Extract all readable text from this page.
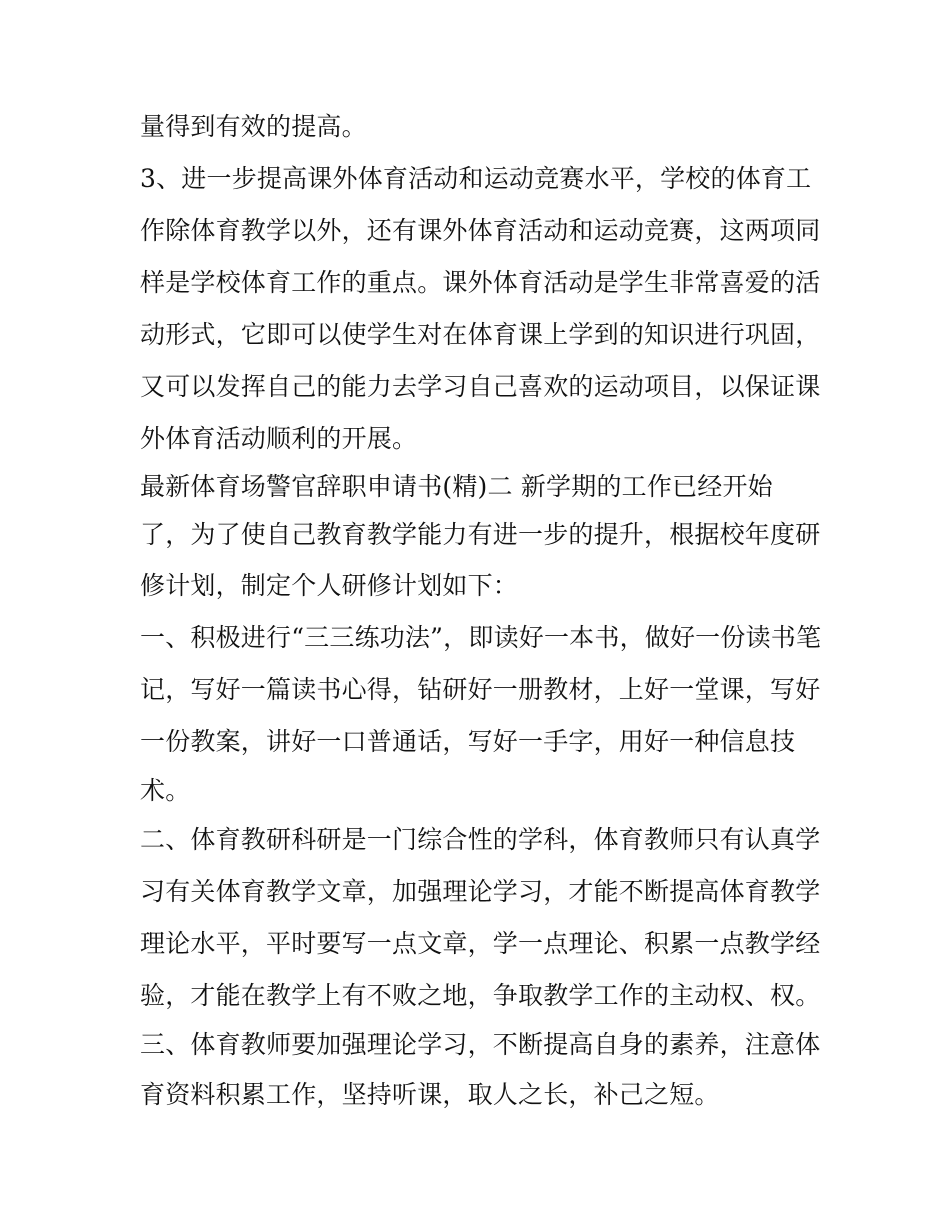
量得到有效的提高。
3、进一步提高课外体育活动和运动竞赛水平，学校的体育工
作除体育教学以外，还有课外体育活动和运动竞赛，这两项同
样是学校体育工作的重点。课外体育活动是学生非常喜爱的活
动形式，它即可以使学生对在体育课上学到的知识进行巩固，
又可以发挥自己的能力去学习自己喜欢的运动项目，以保证课
外体育活动顺利的开展。
最新体育场警官辞职申请书(精)二 新学期的工作已经开始
了，为了使自己教育教学能力有进一步的提升，根据校年度研
修计划，制定个人研修计划如下：
一、积极进行“三三练功法”，即读好一本书，做好一份读书笔
记，写好一篇读书心得，钻研好一册教材，上好一堂课，写好
一份教案，讲好一口普通话，写好一手字，用好一种信息技
术。
二、体育教研科研是一门综合性的学科，体育教师只有认真学
习有关体育教学文章，加强理论学习，才能不断提高体育教学
理论水平，平时要写一点文章，学一点理论、积累一点教学经
验，才能在教学上有不败之地，争取教学工作的主动权、权。
三、体育教师要加强理论学习，不断提高自身的素养，注意体
育资料积累工作，坚持听课，取人之长，补己之短。
